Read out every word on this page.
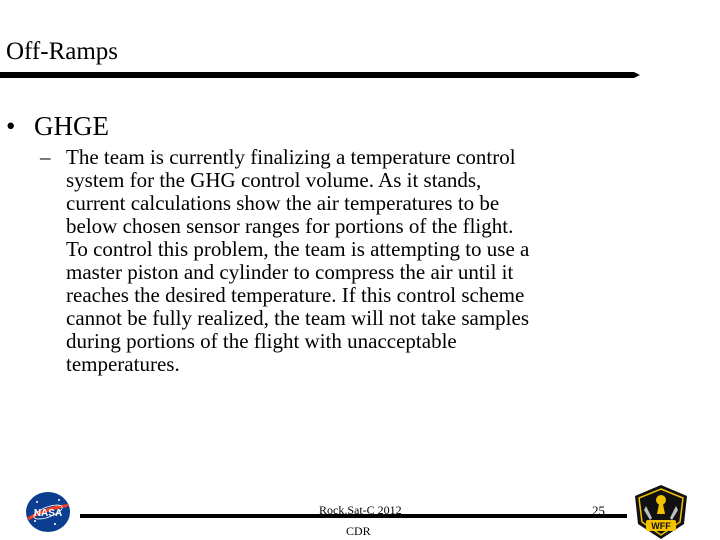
Off-Ramps
• GHGE
– The team is currently finalizing a temperature control
system for the GHG control volume. As it stands,
current calculations show the air temperatures to be
below chosen sensor ranges for portions of the flight.
To control this problem, the team is attempting to use a
master piston and cylinder to compress the air until it
reaches the desired temperature. If this control scheme
cannot be fully realized, the team will not take samples
during portions of the flight with unacceptable
temperatures.
NASA	Rock.Sat-C 2012
CDR
25
WFF
